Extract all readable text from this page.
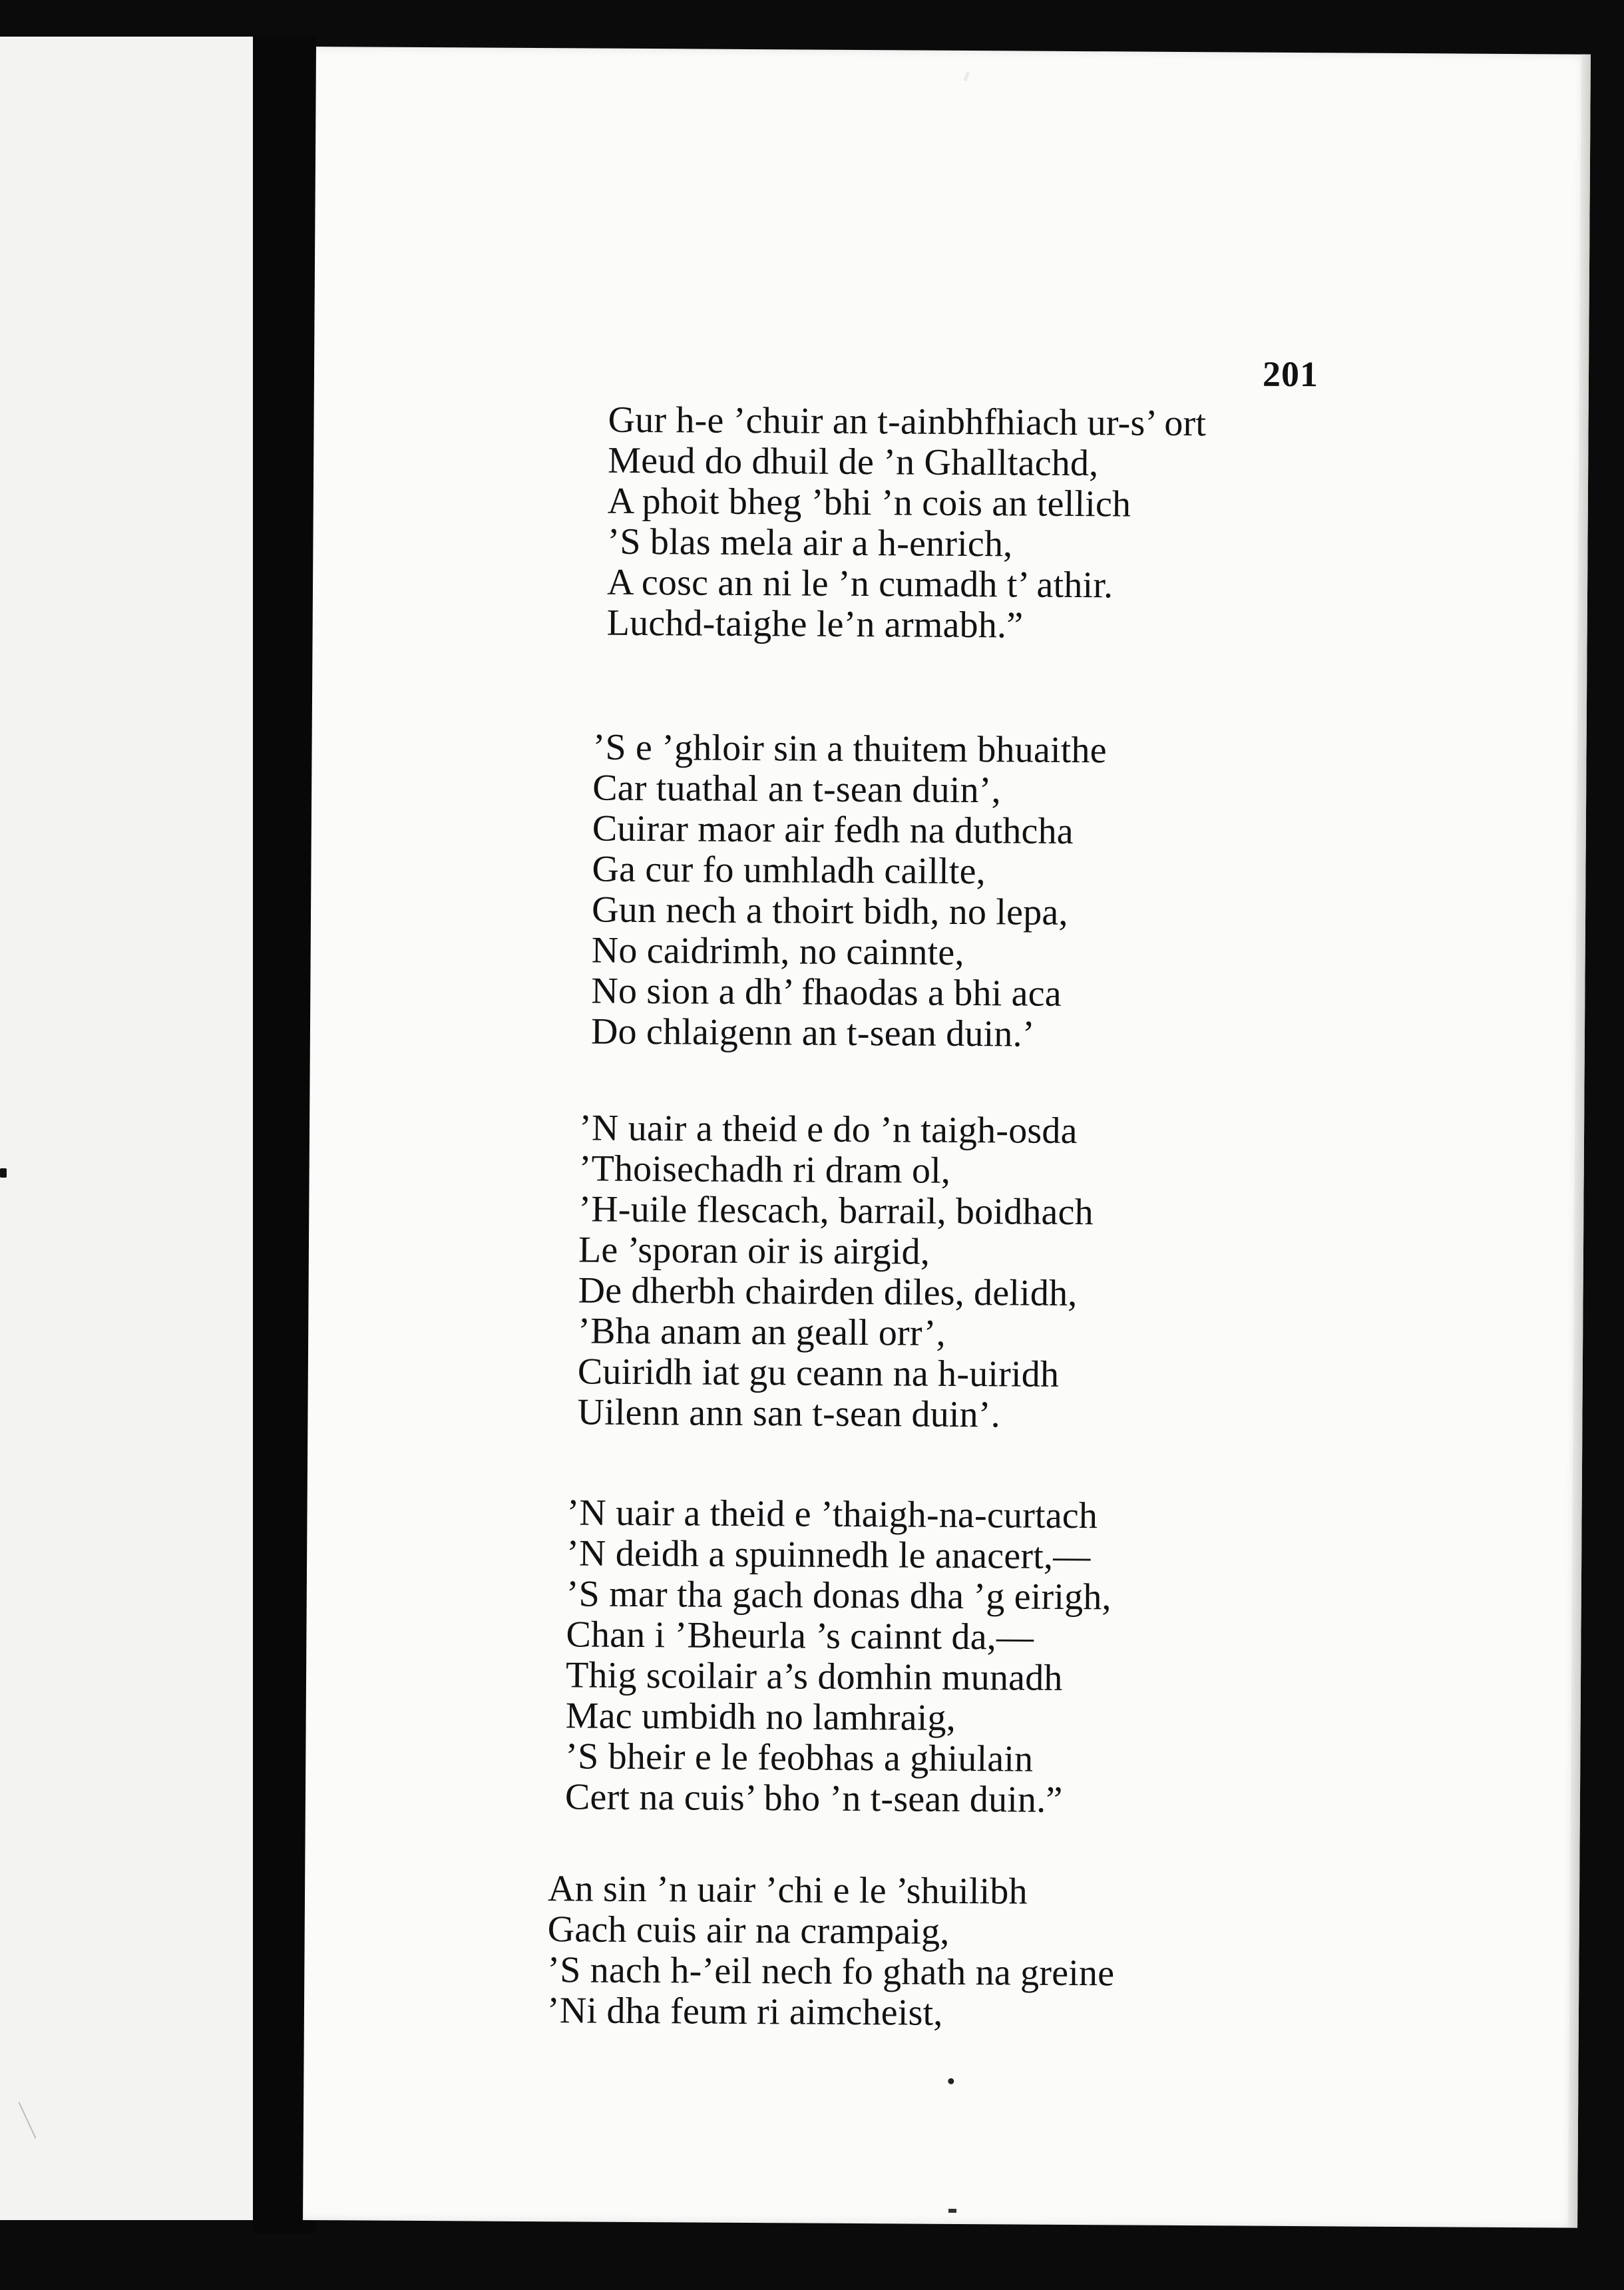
201
Gur h-e ’chuir an t-ainbhfhiach ur-s’ ort
Meud do dhuil de ’n Ghalltachd,
A phoit bheg ’bhi ’n cois an tellich
’S blas mela air a h-enrich,
A cosc an ni le ’n cumadh t’ athir.
Luchd-taighe le’n armabh.”
’S e ’ghloir sin a thuitem bhuaithe
Car tuathal an t-sean duin’,
Cuirar maor air fedh na duthcha
Ga cur fo umhladh caillte,
Gun nech a thoirt bidh, no lepa,
No caidrimh, no cainnte,
No sion a dh’ fhaodas a bhi aca
Do chlaigenn an t-sean duin.’
’N uair a theid e do ’n taigh-osda
’Thoisechadh ri dram ol,
’H-uile flescach, barrail, boidhach
Le ’sporan oir is airgid,
De dherbh chairden diles, delidh,
’Bha anam an geall orr’,
Cuiridh iat gu ceann na h-uiridh
Uilenn ann san t-sean duin’.
’N uair a theid e ’thaigh-na-curtach
’N deidh a spuinnedh le anacert,—
’S mar tha gach donas dha ’g eirigh,
Chan i ’Bheurla ’s cainnt da,—
Thig scoilair a’s domhin munadh
Mac umbidh no lamhraig,
’S bheir e le feobhas a ghiulain
Cert na cuis’ bho ’n t-sean duin.”
An sin ’n uair ’chi e le ’shuilibh
Gach cuis air na crampaig,
’S nach h-’eil nech fo ghath na greine
’Ni dha feum ri aimcheist,
